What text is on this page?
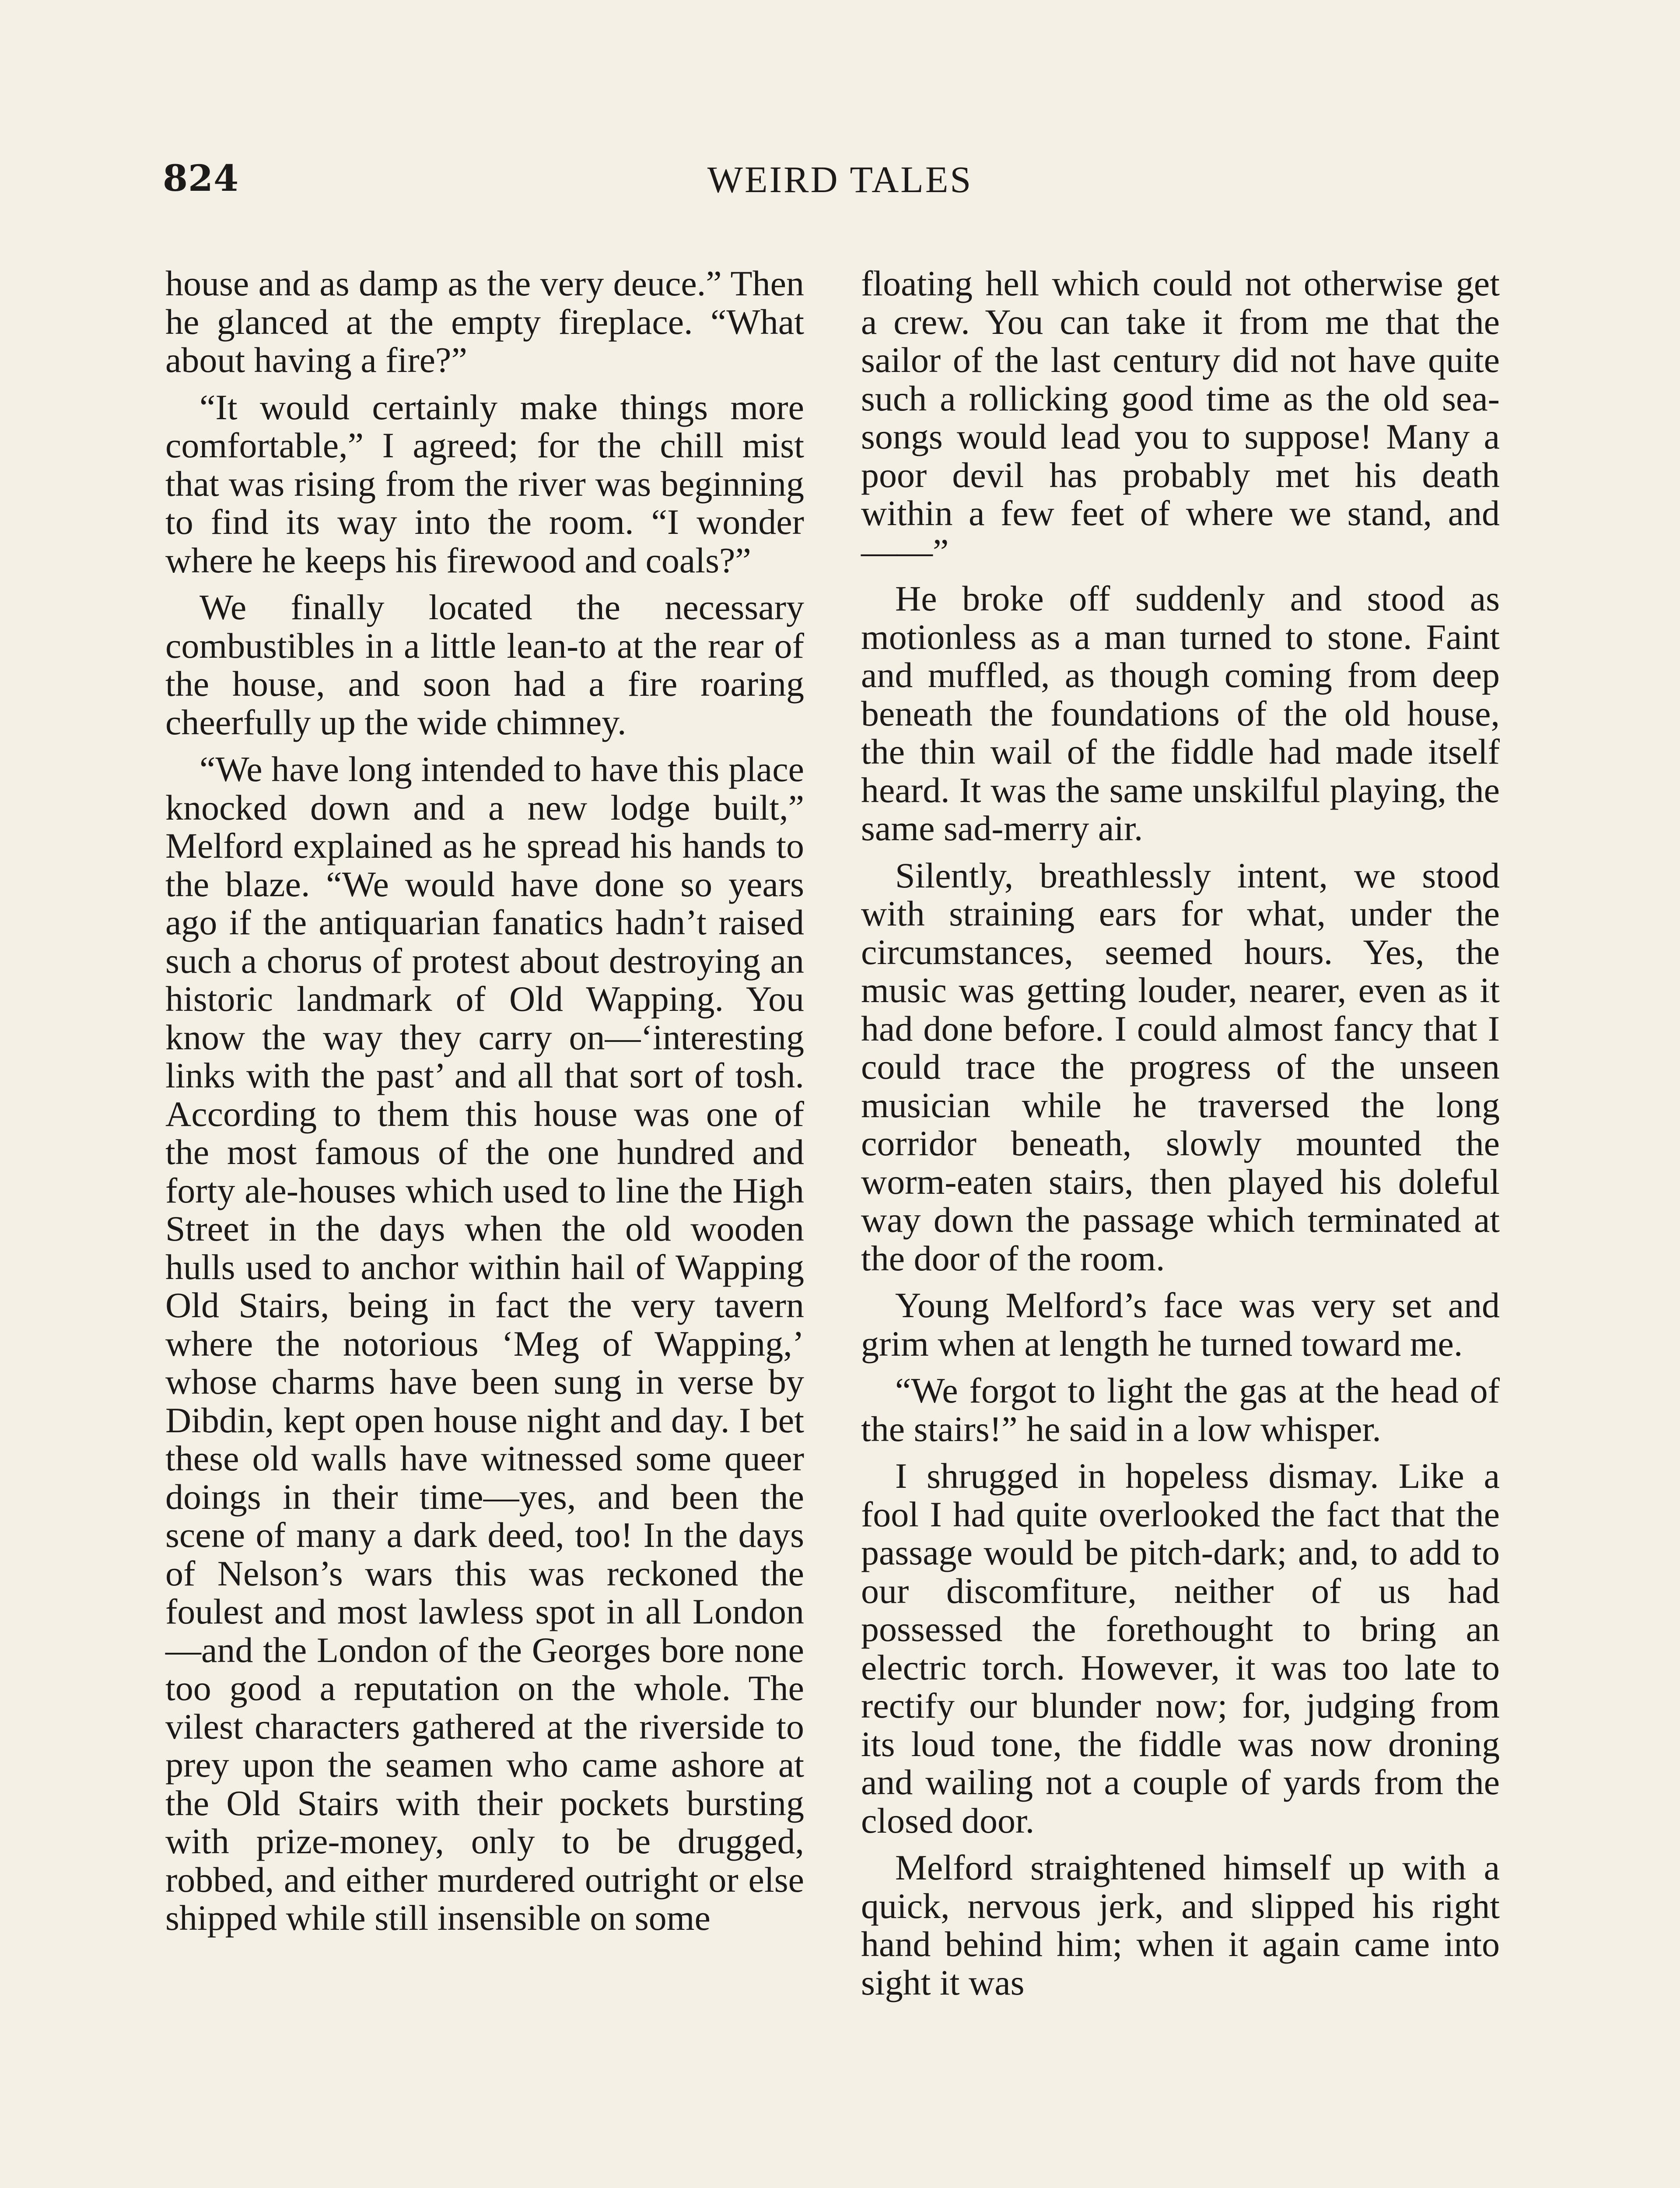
824	WEIRD TALES

house and as damp as the very deuce.” Then he glanced at the empty fireplace. “What about having a fire?”

“It would certainly make things more comfortable,” I agreed; for the chill mist that was rising from the river was beginning to find its way into the room. “I wonder where he keeps his firewood and coals?”

We finally located the necessary combustibles in a little lean-to at the rear of the house, and soon had a fire roaring cheerfully up the wide chimney.

“We have long intended to have this place knocked down and a new lodge built,” Melford explained as he spread his hands to the blaze. “We would have done so years ago if the antiquarian fanatics hadn’t raised such a chorus of protest about destroying an historic landmark of Old Wapping. You know the way they carry on—‘interesting links with the past’ and all that sort of tosh. According to them this house was one of the most famous of the one hundred and forty ale-houses which used to line the High Street in the days when the old wooden hulls used to anchor within hail of Wapping Old Stairs, being in fact the very tavern where the notorious ‘Meg of Wapping,’ whose charms have been sung in verse by Dibdin, kept open house night and day. I bet these old walls have witnessed some queer doings in their time—yes, and been the scene of many a dark deed, too! In the days of Nelson’s wars this was reckoned the foulest and most lawless spot in all London—and the London of the Georges bore none too good a reputation on the whole. The vilest characters gathered at the riverside to prey upon the seamen who came ashore at the Old Stairs with their pockets bursting with prize-money, only to be drugged, robbed, and either murdered outright or else shipped while still insensible on some

floating hell which could not otherwise get a crew. You can take it from me that the sailor of the last century did not have quite such a rollicking good time as the old sea-songs would lead you to suppose! Many a poor devil has probably met his death within a few feet of where we stand, and——”

He broke off suddenly and stood as motionless as a man turned to stone. Faint and muffled, as though coming from deep beneath the foundations of the old house, the thin wail of the fiddle had made itself heard. It was the same unskilful playing, the same sad-merry air.

Silently, breathlessly intent, we stood with straining ears for what, under the circumstances, seemed hours. Yes, the music was getting louder, nearer, even as it had done before. I could almost fancy that I could trace the progress of the unseen musician while he traversed the long corridor beneath, slowly mounted the worm-eaten stairs, then played his doleful way down the passage which terminated at the door of the room.

Young Melford’s face was very set and grim when at length he turned toward me.

“We forgot to light the gas at the head of the stairs!” he said in a low whisper.

I shrugged in hopeless dismay. Like a fool I had quite overlooked the fact that the passage would be pitch-dark; and, to add to our discomfiture, neither of us had possessed the forethought to bring an electric torch. However, it was too late to rectify our blunder now; for, judging from its loud tone, the fiddle was now droning and wailing not a couple of yards from the closed door.

Melford straightened himself up with a quick, nervous jerk, and slipped his right hand behind him; when it again came into sight it was
